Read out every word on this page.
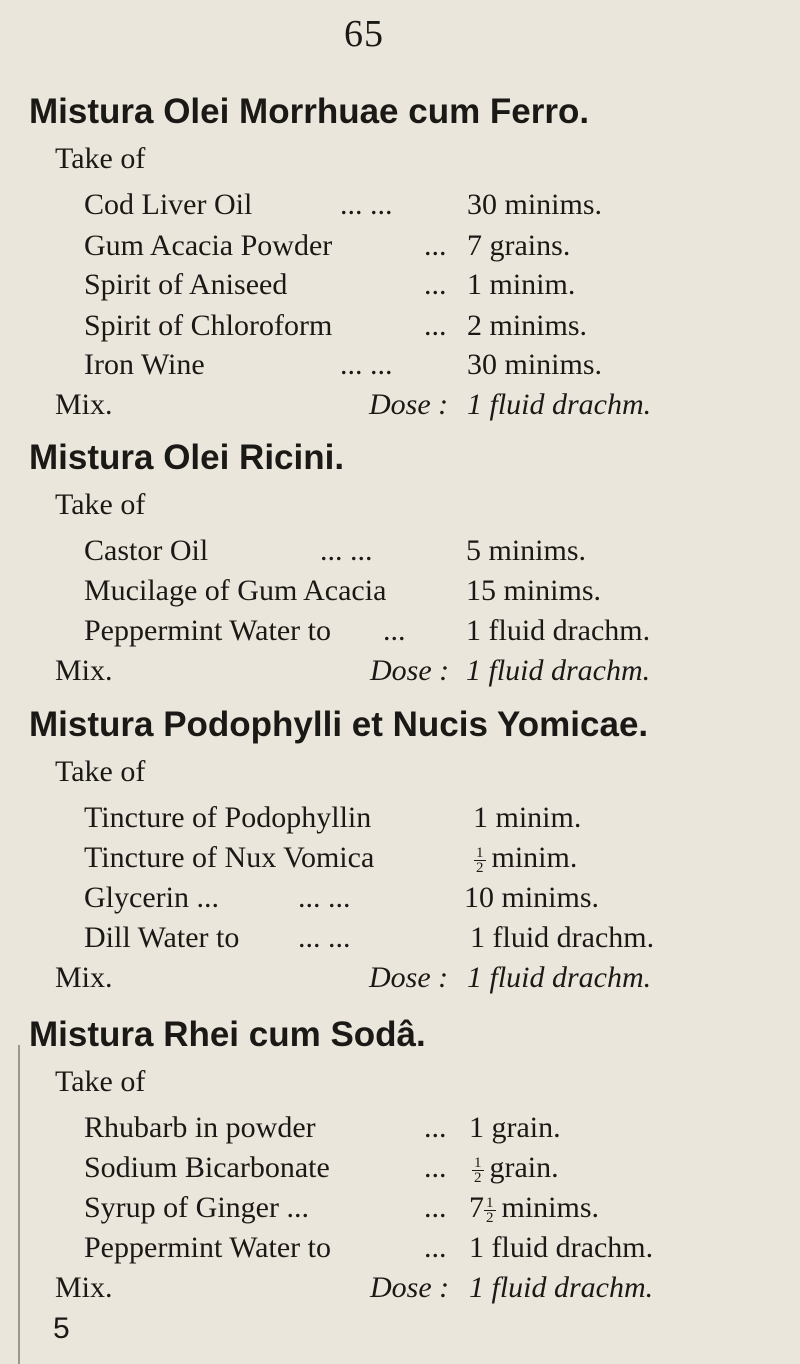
65
Mistura Olei Morrhuae cum Ferro.
Take of
Cod Liver Oil	... ... 30 minims.
Gum Acacia Powder	... 7 grains.
Spirit of Aniseed	... 1 minim.
Spirit of Chloroform	... 2 minims.
Iron Wine	... ... 30 minims.
Mix.	Dose : 1 fluid drachm.
Mistura Olei Ricini.
Take of
Castor Oil	... ...	5 minims.
Mucilage of Gum Acacia	15 minims.
Peppermint Water to ... 1 fluid drachm.
Mix.	Dose : 1 fluid drachm.
Mistura Podophylli et Nucis Yomicae.
Take of
Tincture of Podophyllin	1 minim.
Tincture of Nux Vomica	$\frac{1}{2}$ minim.
Glycerin ...	... ...	10 minims.
Dill Water to ... ...	1 fluid drachm.
Mix.	Dose : 1 fluid drachm.
Mistura Rhei cum Sodâ.
Take of
Rhubarb in powder	... 1 grain.
Sodium Bicarbonate	... $\frac{1}{2}$ grain.
Syrup of Ginger ...	... $7 \frac{1}{2}$ minims.
Peppermint Water to	... 1 fluid drachm.
Mix.	Dose : 1 fluid drachm.
5
